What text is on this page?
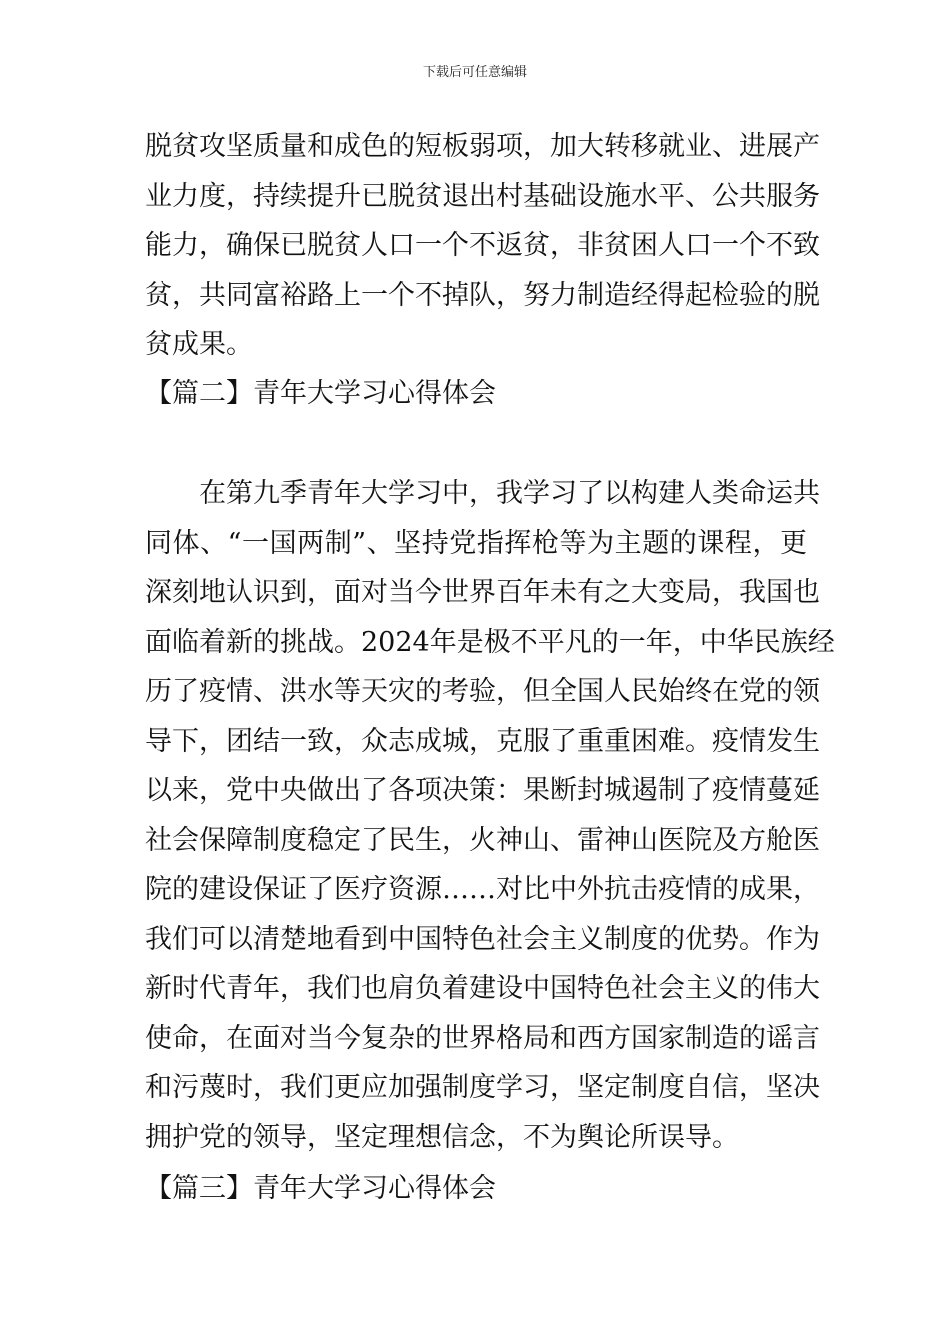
下载后可任意编辑
脱贫攻坚质量和成色的短板弱项，加大转移就业、进展产
业力度，持续提升已脱贫退出村基础设施水平、公共服务
能力，确保已脱贫人口一个不返贫，非贫困人口一个不致
贫，共同富裕路上一个不掉队，努力制造经得起检验的脱
贫成果。
【篇二】青年大学习心得体会
　　在第九季青年大学习中，我学习了以构建人类命运共
同体、“一国两制”、坚持党指挥枪等为主题的课程，更
深刻地认识到，面对当今世界百年未有之大变局，我国也
面临着新的挑战。2024年是极不平凡的一年，中华民族经
历了疫情、洪水等天灾的考验，但全国人民始终在党的领
导下，团结一致，众志成城，克服了重重困难。疫情发生
以来，党中央做出了各项决策：果断封城遏制了疫情蔓延
社会保障制度稳定了民生，火神山、雷神山医院及方舱医
院的建设保证了医疗资源……对比中外抗击疫情的成果，
我们可以清楚地看到中国特色社会主义制度的优势。作为
新时代青年，我们也肩负着建设中国特色社会主义的伟大
使命，在面对当今复杂的世界格局和西方国家制造的谣言
和污蔑时，我们更应加强制度学习，坚定制度自信，坚决
拥护党的领导，坚定理想信念，不为舆论所误导。
【篇三】青年大学习心得体会
